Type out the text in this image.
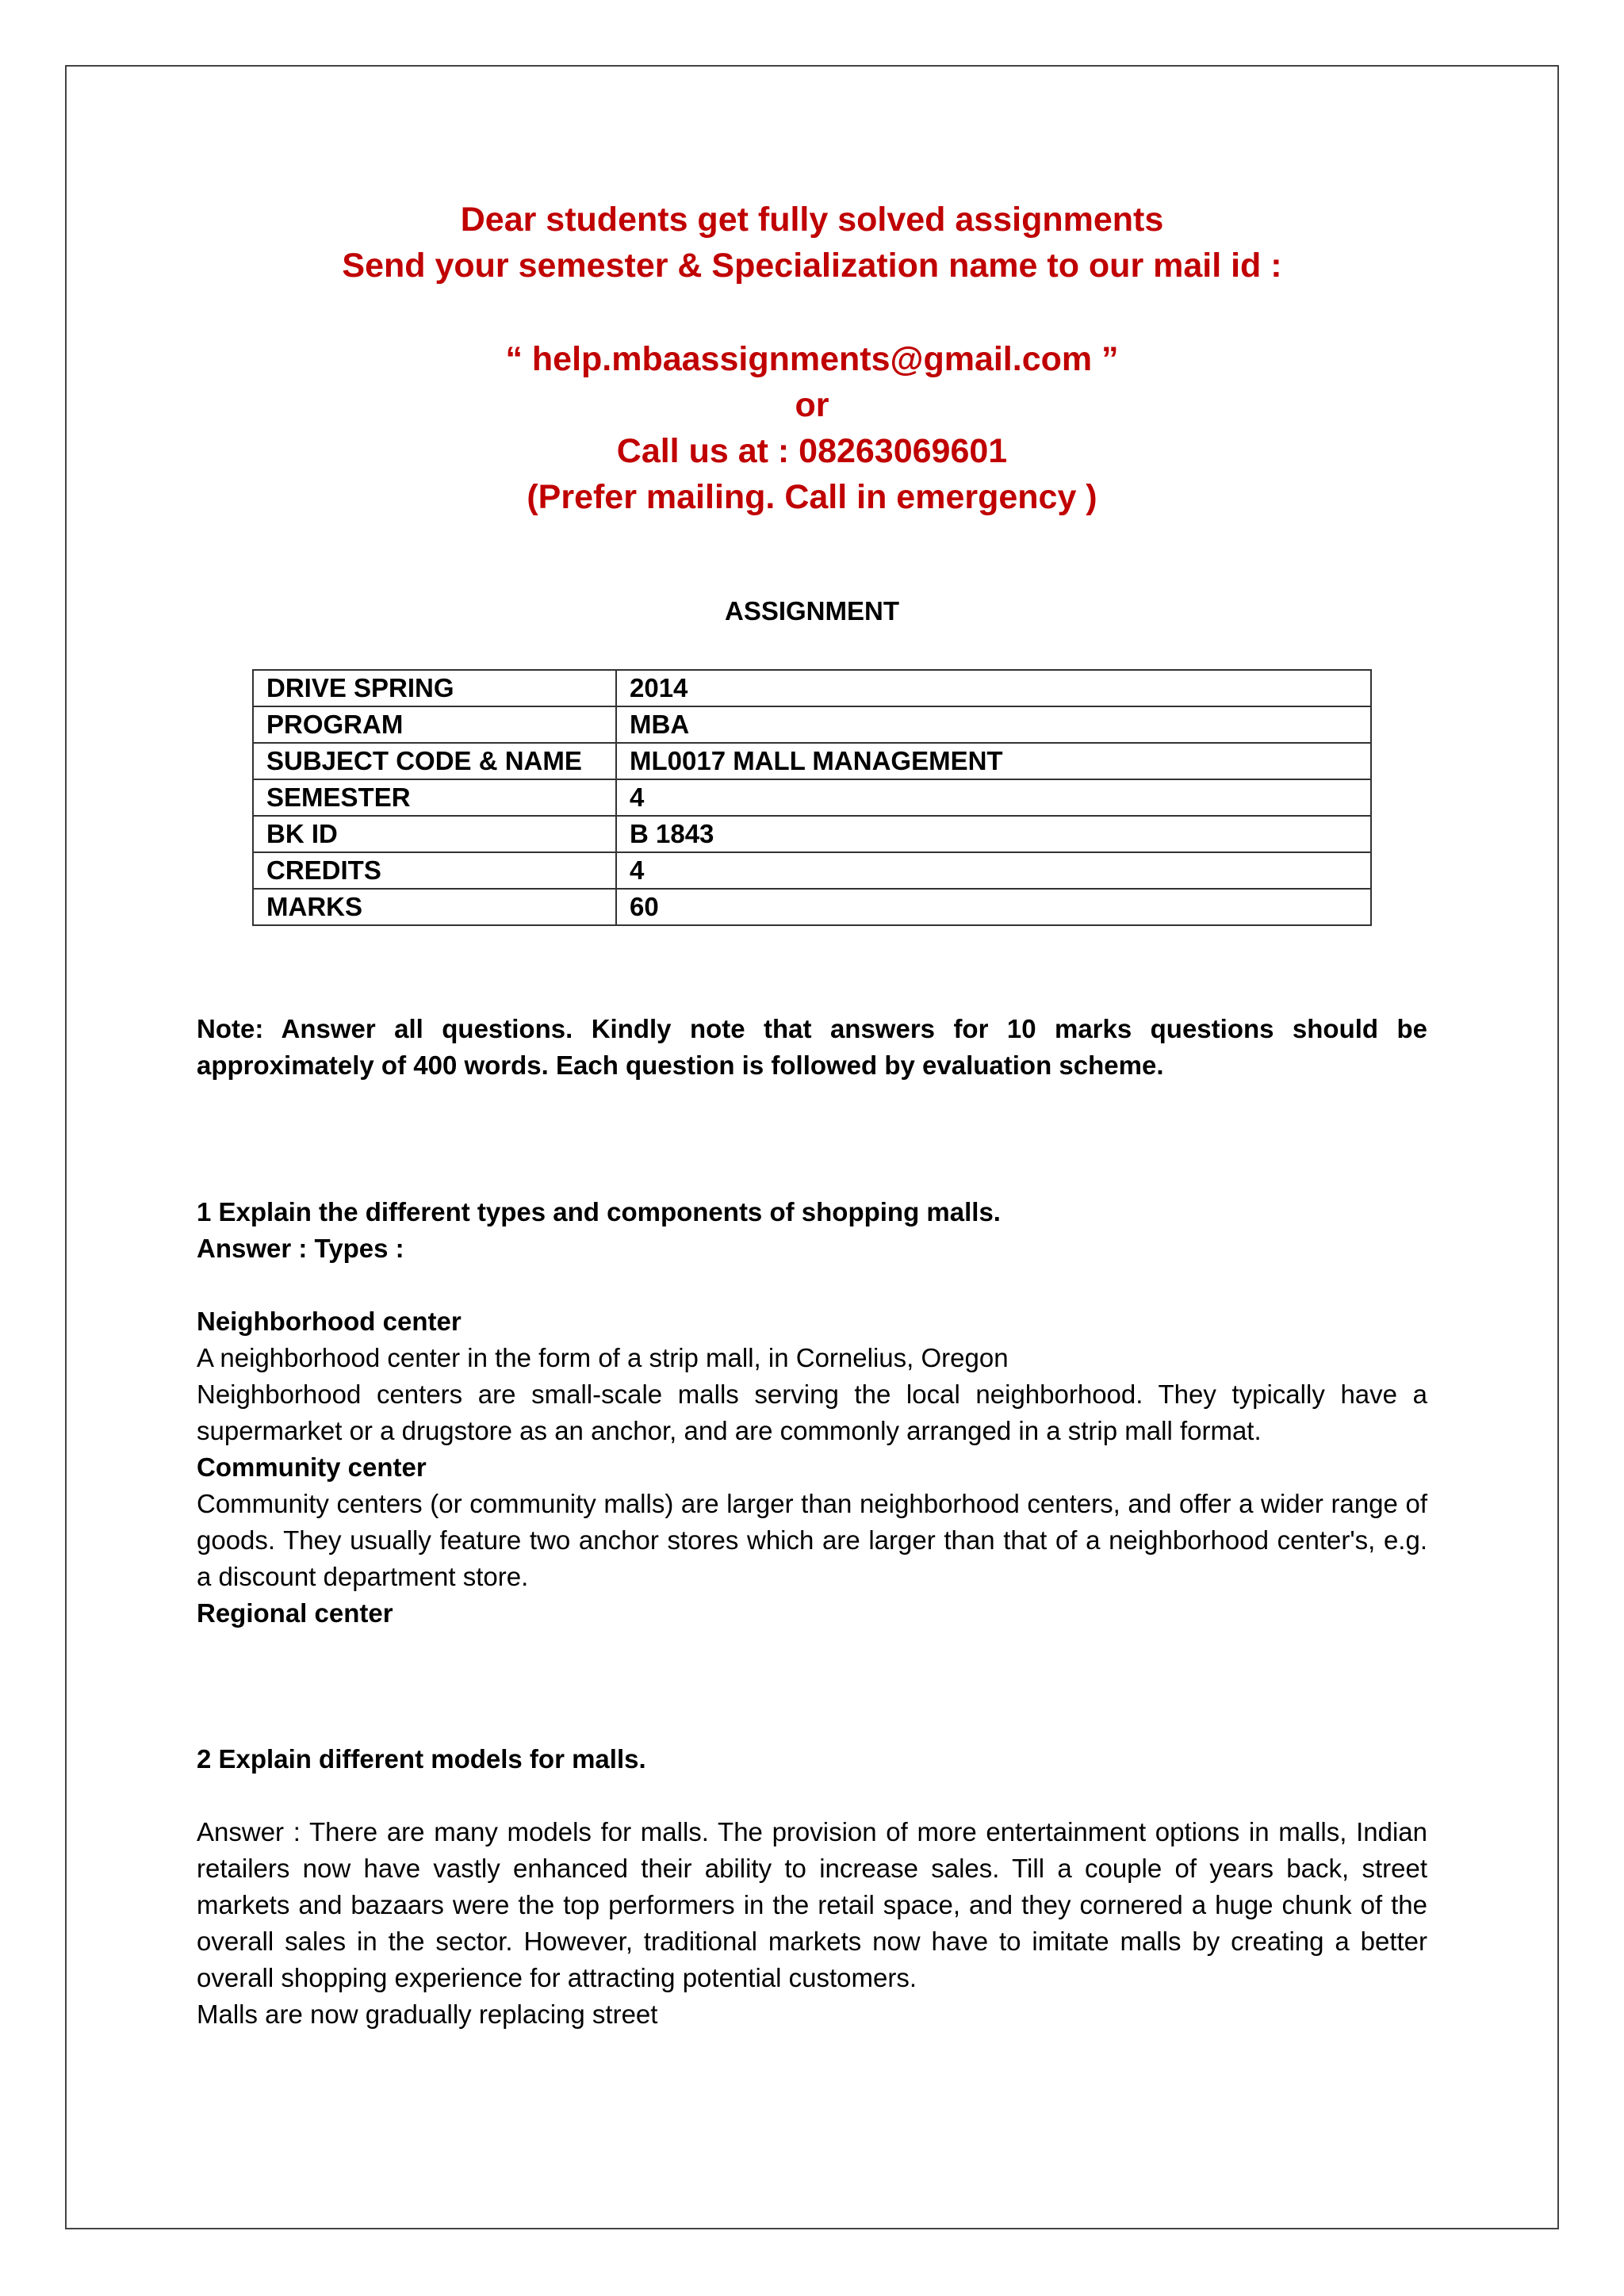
Dear students get fully solved assignments
Send your semester & Specialization name to our mail id :
“ help.mbaassignments@gmail.com ”
or
Call us at : 08263069601
(Prefer mailing. Call in emergency )
ASSIGNMENT
DRIVE SPRING	2014
PROGRAM	MBA
SUBJECT CODE & NAME	ML0017 MALL MANAGEMENT
SEMESTER	4
BK ID	B 1843
CREDITS	4
MARKS	60

Note: Answer all questions. Kindly note that answers for 10 marks questions should be approximately of 400 words. Each question is followed by evaluation scheme.

1 Explain the different types and components of shopping malls.

Answer : Types :

Neighborhood center

A neighborhood center in the form of a strip mall, in Cornelius, Oregon

Neighborhood centers are small-scale malls serving the local neighborhood. They typically have a supermarket or a drugstore as an anchor, and are commonly arranged in a strip mall format.

Community center

Community centers (or community malls) are larger than neighborhood centers, and offer a wider range of goods. They usually feature two anchor stores which are larger than that of a neighborhood center's, e.g. a discount department store.

Regional center

2 Explain different models for malls.

Answer : There are many models for malls. The provision of more entertainment options in malls, Indian retailers now have vastly enhanced their ability to increase sales. Till a couple of years back, street markets and bazaars were the top performers in the retail space, and they cornered a huge chunk of the overall sales in the sector. However, traditional markets now have to imitate malls by creating a better overall shopping experience for attracting potential customers.

Malls are now gradually replacing street
